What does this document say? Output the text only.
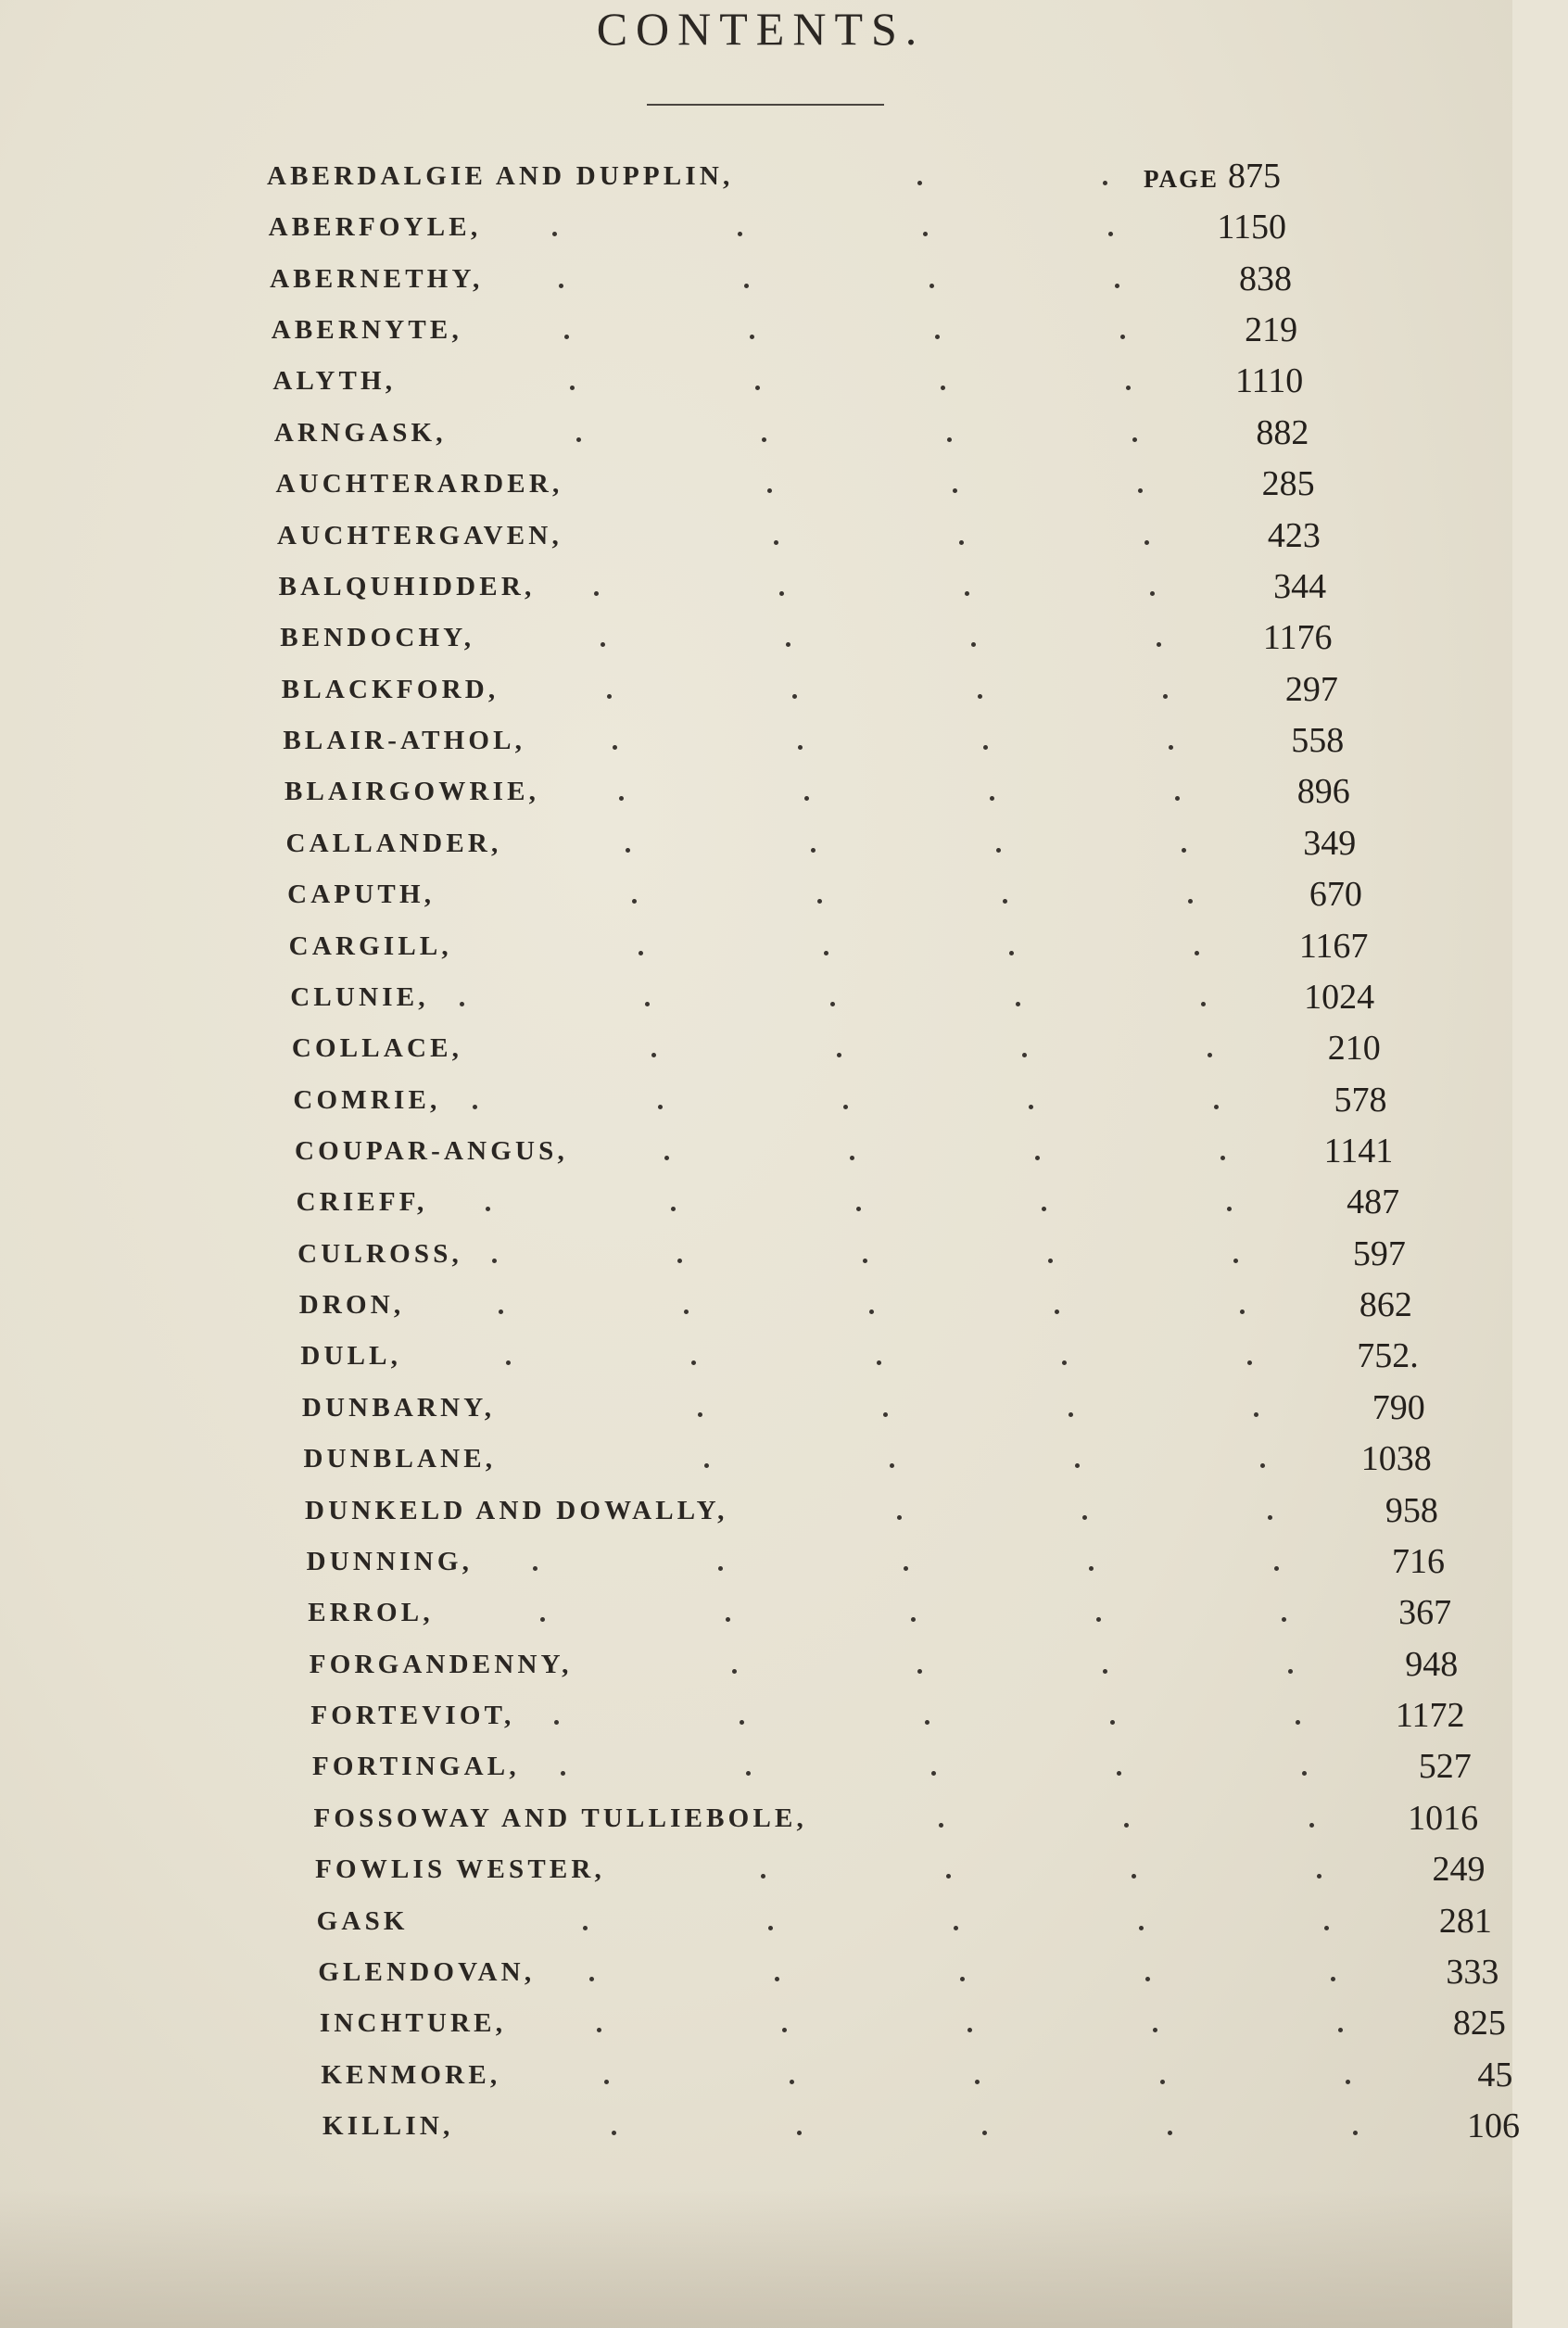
CONTENTS.
ABERDALGIE AND DUPPLIN,	PAGE 875
ABERFOYLE,	1150
ABERNETHY,	838
ABERNYTE,	219
ALYTH,	1110
ARNGASK,	882
AUCHTERARDER,	285
AUCHTERGAVEN,	423
BALQUHIDDER,	344
BENDOCHY,	1176
BLACKFORD,	297
BLAIR-ATHOL,	558
BLAIRGOWRIE,	896
CALLANDER,	349
CAPUTH,	670
CARGILL,	1167
CLUNIE,	1024
COLLACE,	210
COMRIE,	578
COUPAR-ANGUS,	1141
CRIEFF,	487
CULROSS,	597
DRON,	862
DULL,	752.
DUNBARNY,	790
DUNBLANE,	1038
DUNKELD AND DOWALLY,	958
DUNNING,	716
ERROL,	367
FORGANDENNY,	948
FORTEVIOT,	1172
FORTINGAL,	527
FOSSOWAY AND TULLIEBOLE,	1016
FOWLIS WESTER,	249
GASK	281
GLENDOVAN,	333
INCHTURE,	825
KENMORE,	45
KILLIN,	106
